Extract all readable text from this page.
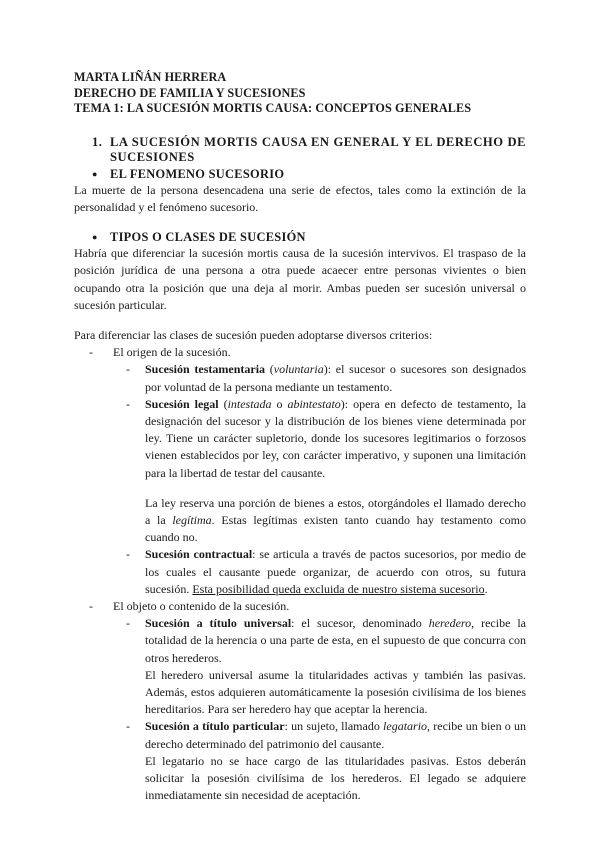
MARTA LIÑÁN HERRERA
DERECHO DE FAMILIA Y SUCESIONES
TEMA 1: LA SUCESIÓN MORTIS CAUSA: CONCEPTOS GENERALES
1. LA SUCESIÓN MORTIS CAUSA EN GENERAL Y EL DERECHO DE SUCESIONES
● EL FENOMENO SUCESORIO
La muerte de la persona desencadena una serie de efectos, tales como la extinción de la personalidad y el fenómeno sucesorio.
● TIPOS O CLASES DE SUCESIÓN
Habría que diferenciar la sucesión mortis causa de la sucesión intervivos. El traspaso de la posición jurídica de una persona a otra puede acaecer entre personas vivientes o bien ocupando otra la posición que una deja al morir. Ambas pueden ser sucesión universal o sucesión particular.
Para diferenciar las clases de sucesión pueden adoptarse diversos criterios:
-	El origen de la sucesión.
-	Sucesión testamentaria (voluntaria): el sucesor o sucesores son designados por voluntad de la persona mediante un testamento.
-	Sucesión legal (intestada o abintestato): opera en defecto de testamento, la designación del sucesor y la distribución de los bienes viene determinada por ley. Tiene un carácter supletorio, donde los sucesores legitimarios o forzosos vienen establecidos por ley, con carácter imperativo, y suponen una limitación para la libertad de testar del causante.
La ley reserva una porción de bienes a estos, otorgándoles el llamado derecho a la legítima. Estas legítimas existen tanto cuando hay testamento como cuando no.
-	Sucesión contractual: se articula a través de pactos sucesorios, por medio de los cuales el causante puede organizar, de acuerdo con otros, su futura sucesión. Esta posibilidad queda excluida de nuestro sistema sucesorio.
-	El objeto o contenido de la sucesión.
-	Sucesión a título universal: el sucesor, denominado heredero, recibe la totalidad de la herencia o una parte de esta, en el supuesto de que concurra con otros herederos.
El heredero universal asume la titularidades activas y también las pasivas. Además, estos adquieren automáticamente la posesión civilísima de los bienes hereditarios. Para ser heredero hay que aceptar la herencia.
-	Sucesión a título particular: un sujeto, llamado legatario, recibe un bien o un derecho determinado del patrimonio del causante.
El legatario no se hace cargo de las titularidades pasivas. Estos deberán solicitar la posesión civilísima de los herederos. El legado se adquiere inmediatamente sin necesidad de aceptación.
